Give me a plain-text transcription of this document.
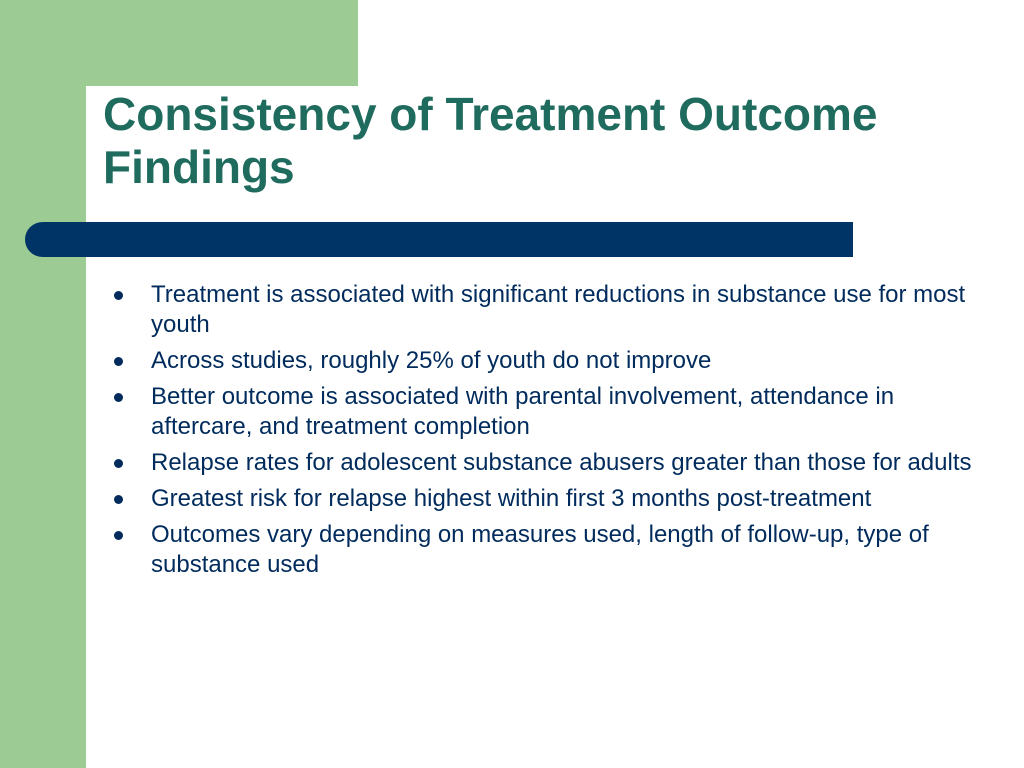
Consistency of Treatment Outcome
Findings
Treatment is associated with significant reductions in substance use for most youth
Across studies, roughly 25% of youth do not improve
Better outcome is associated with parental involvement, attendance in aftercare, and treatment completion
Relapse rates for adolescent substance abusers greater than those for adults
Greatest risk for relapse highest within first 3 months post-treatment
Outcomes vary depending on measures used, length of follow-up, type of substance used
